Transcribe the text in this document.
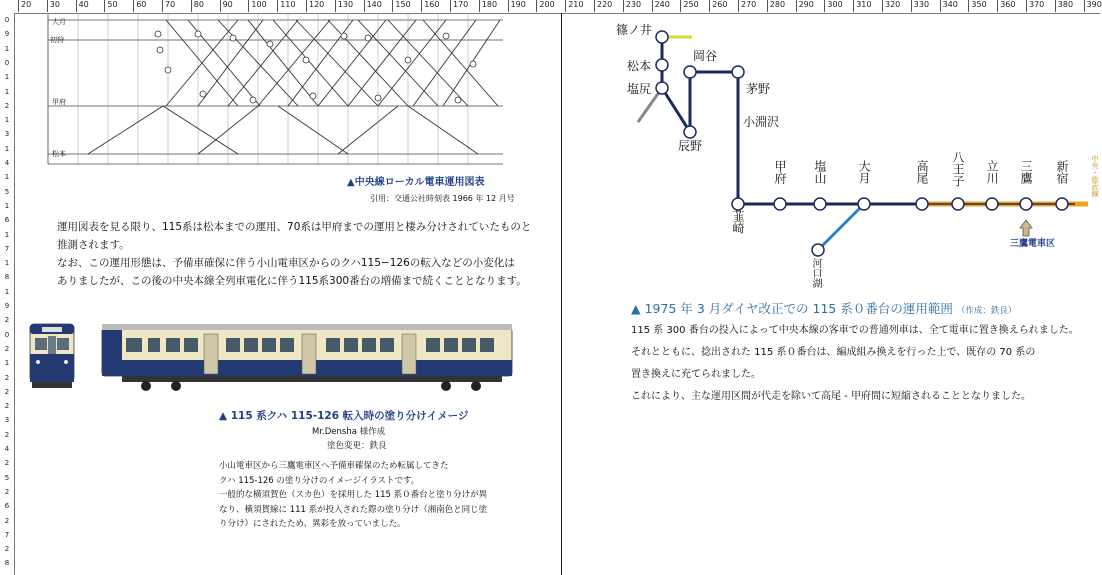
20	30	40	50	60	70	80	90	100	110	120	130	140	150	160	170	180	190	200	210	220	230	240	250	260	270	280	290	300	310	320	330	340	350	360	370	380	390
0
9
1
0
1
1
2
1
3
1
4
1
5
1
6
1
7
1
8
1
9
2
0
2
1
2
2
2
3
2
4
2
5
2
6
2
7
2
8
大月
初狩
甲府
松本
▲中央線ローカル電車運用図表
引用：交通公社時刻表 1966 年 12 月号
運用図表を見る限り、115系は松本までの運用、70系は甲府までの運用と棲み分けされていたものと
推測されます。
なお、この運用形態は、予備車確保に伴う小山電車区からのクハ115−126の転入などの小変化は
ありましたが、この後の中央本線全列車電化に伴う115系300番台の増備まで続くこととなります。
▲ 115 系クハ 115-126 転入時の塗り分けイメージ
Mr.Densha 様作成
塗色変更：鉄良
小山電車区から三鷹電車区へ予備車確保のため転属してきた
クハ 115-126 の塗り分けのイメージイラストです。
一般的な横須賀色（スカ色）を採用した 115 系０番台と塗り分けが異
なり、横須賀線に 111 系が投入された際の塗り分け（湘南色と同じ塗
り分け）にされたため、異彩を放っていました。
篠ノ井
松本
塩尻
辰野
岡谷
茅野
小淵沢
韮崎
甲府 塩山	大月	高尾 八王子 立川 三鷹 新宿
河口湖
三鷹電車区
中央・総武線
▲ 1975 年 3 月ダイヤ改正での 115 系０番台の運用範囲 （作成：鉄良）
115 系 300 番台の投入によって中央本線の客車での普通列車は、全て電車に置き換えられました。
それとともに、捻出された 115 系０番台は、編成組み換えを行った上で、既存の 70 系の
置き換えに充てられました。
これにより、主な運用区間が代走を除いて高尾 - 甲府間に短縮されることとなりました。
